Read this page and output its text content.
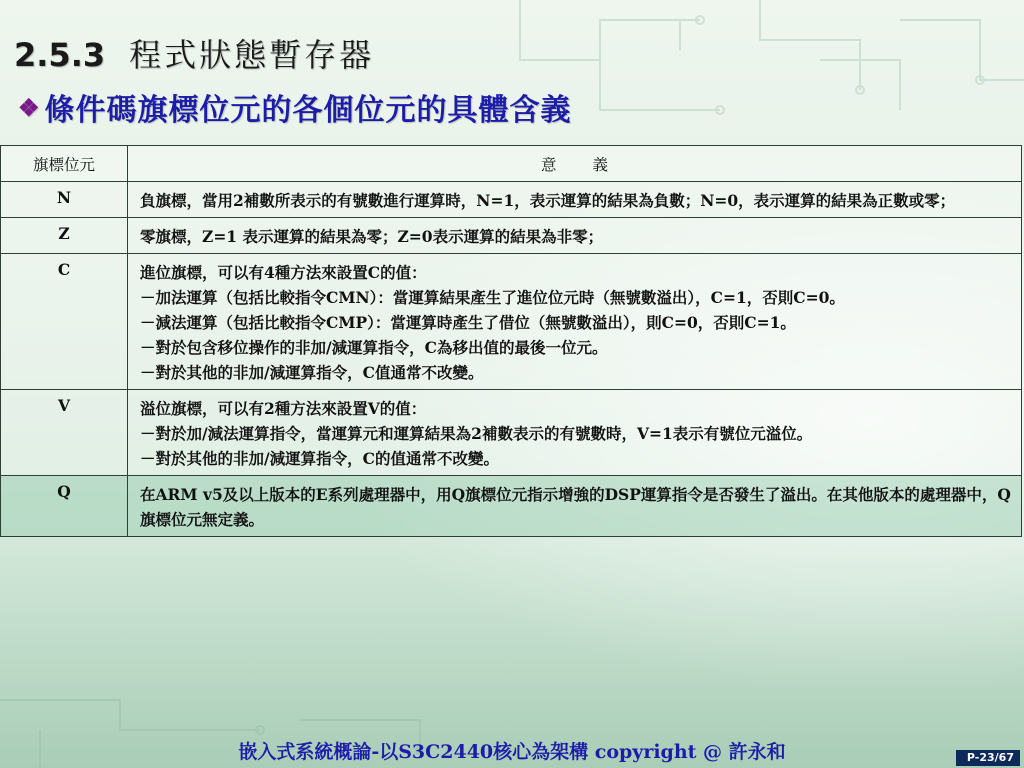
2.5.3 程式狀態暫存器
❖ 條件碼旗標位元的各個位元的具體含義
旗標位元	意義
N	負旗標，當用2補數所表示的有號數進行運算時，N=1，表示運算的結果為負數；N=0，表示運算的結果為正數或零；

Z	零旗標，Z=1 表示運算的結果為零；Z=0表示運算的結果為非零；

C	進位旗標，可以有4種方法來設置C的值：
－加法運算（包括比較指令CMN）：當運算結果產生了進位位元時（無號數溢出），C=1，否則C=0。
－減法運算（包括比較指令CMP）：當運算時產生了借位（無號數溢出），則C=0，否則C=1。
－對於包含移位操作的非加/減運算指令，C為移出值的最後一位元。
－對於其他的非加/減運算指令，C值通常不改變。

V	溢位旗標，可以有2種方法來設置V的值：
－對於加/減法運算指令，當運算元和運算結果為2補數表示的有號數時，V=1表示有號位元溢位。
－對於其他的非加/減運算指令，C的值通常不改變。

Q	在ARM v5及以上版本的E系列處理器中，用Q旗標位元指示增強的DSP運算指令是否發生了溢出。在其他版本的處理器中，Q旗標位元無定義。
嵌入式系統概論-以S3C2440核心為架構 copyright @ 許永和	P-23/67
